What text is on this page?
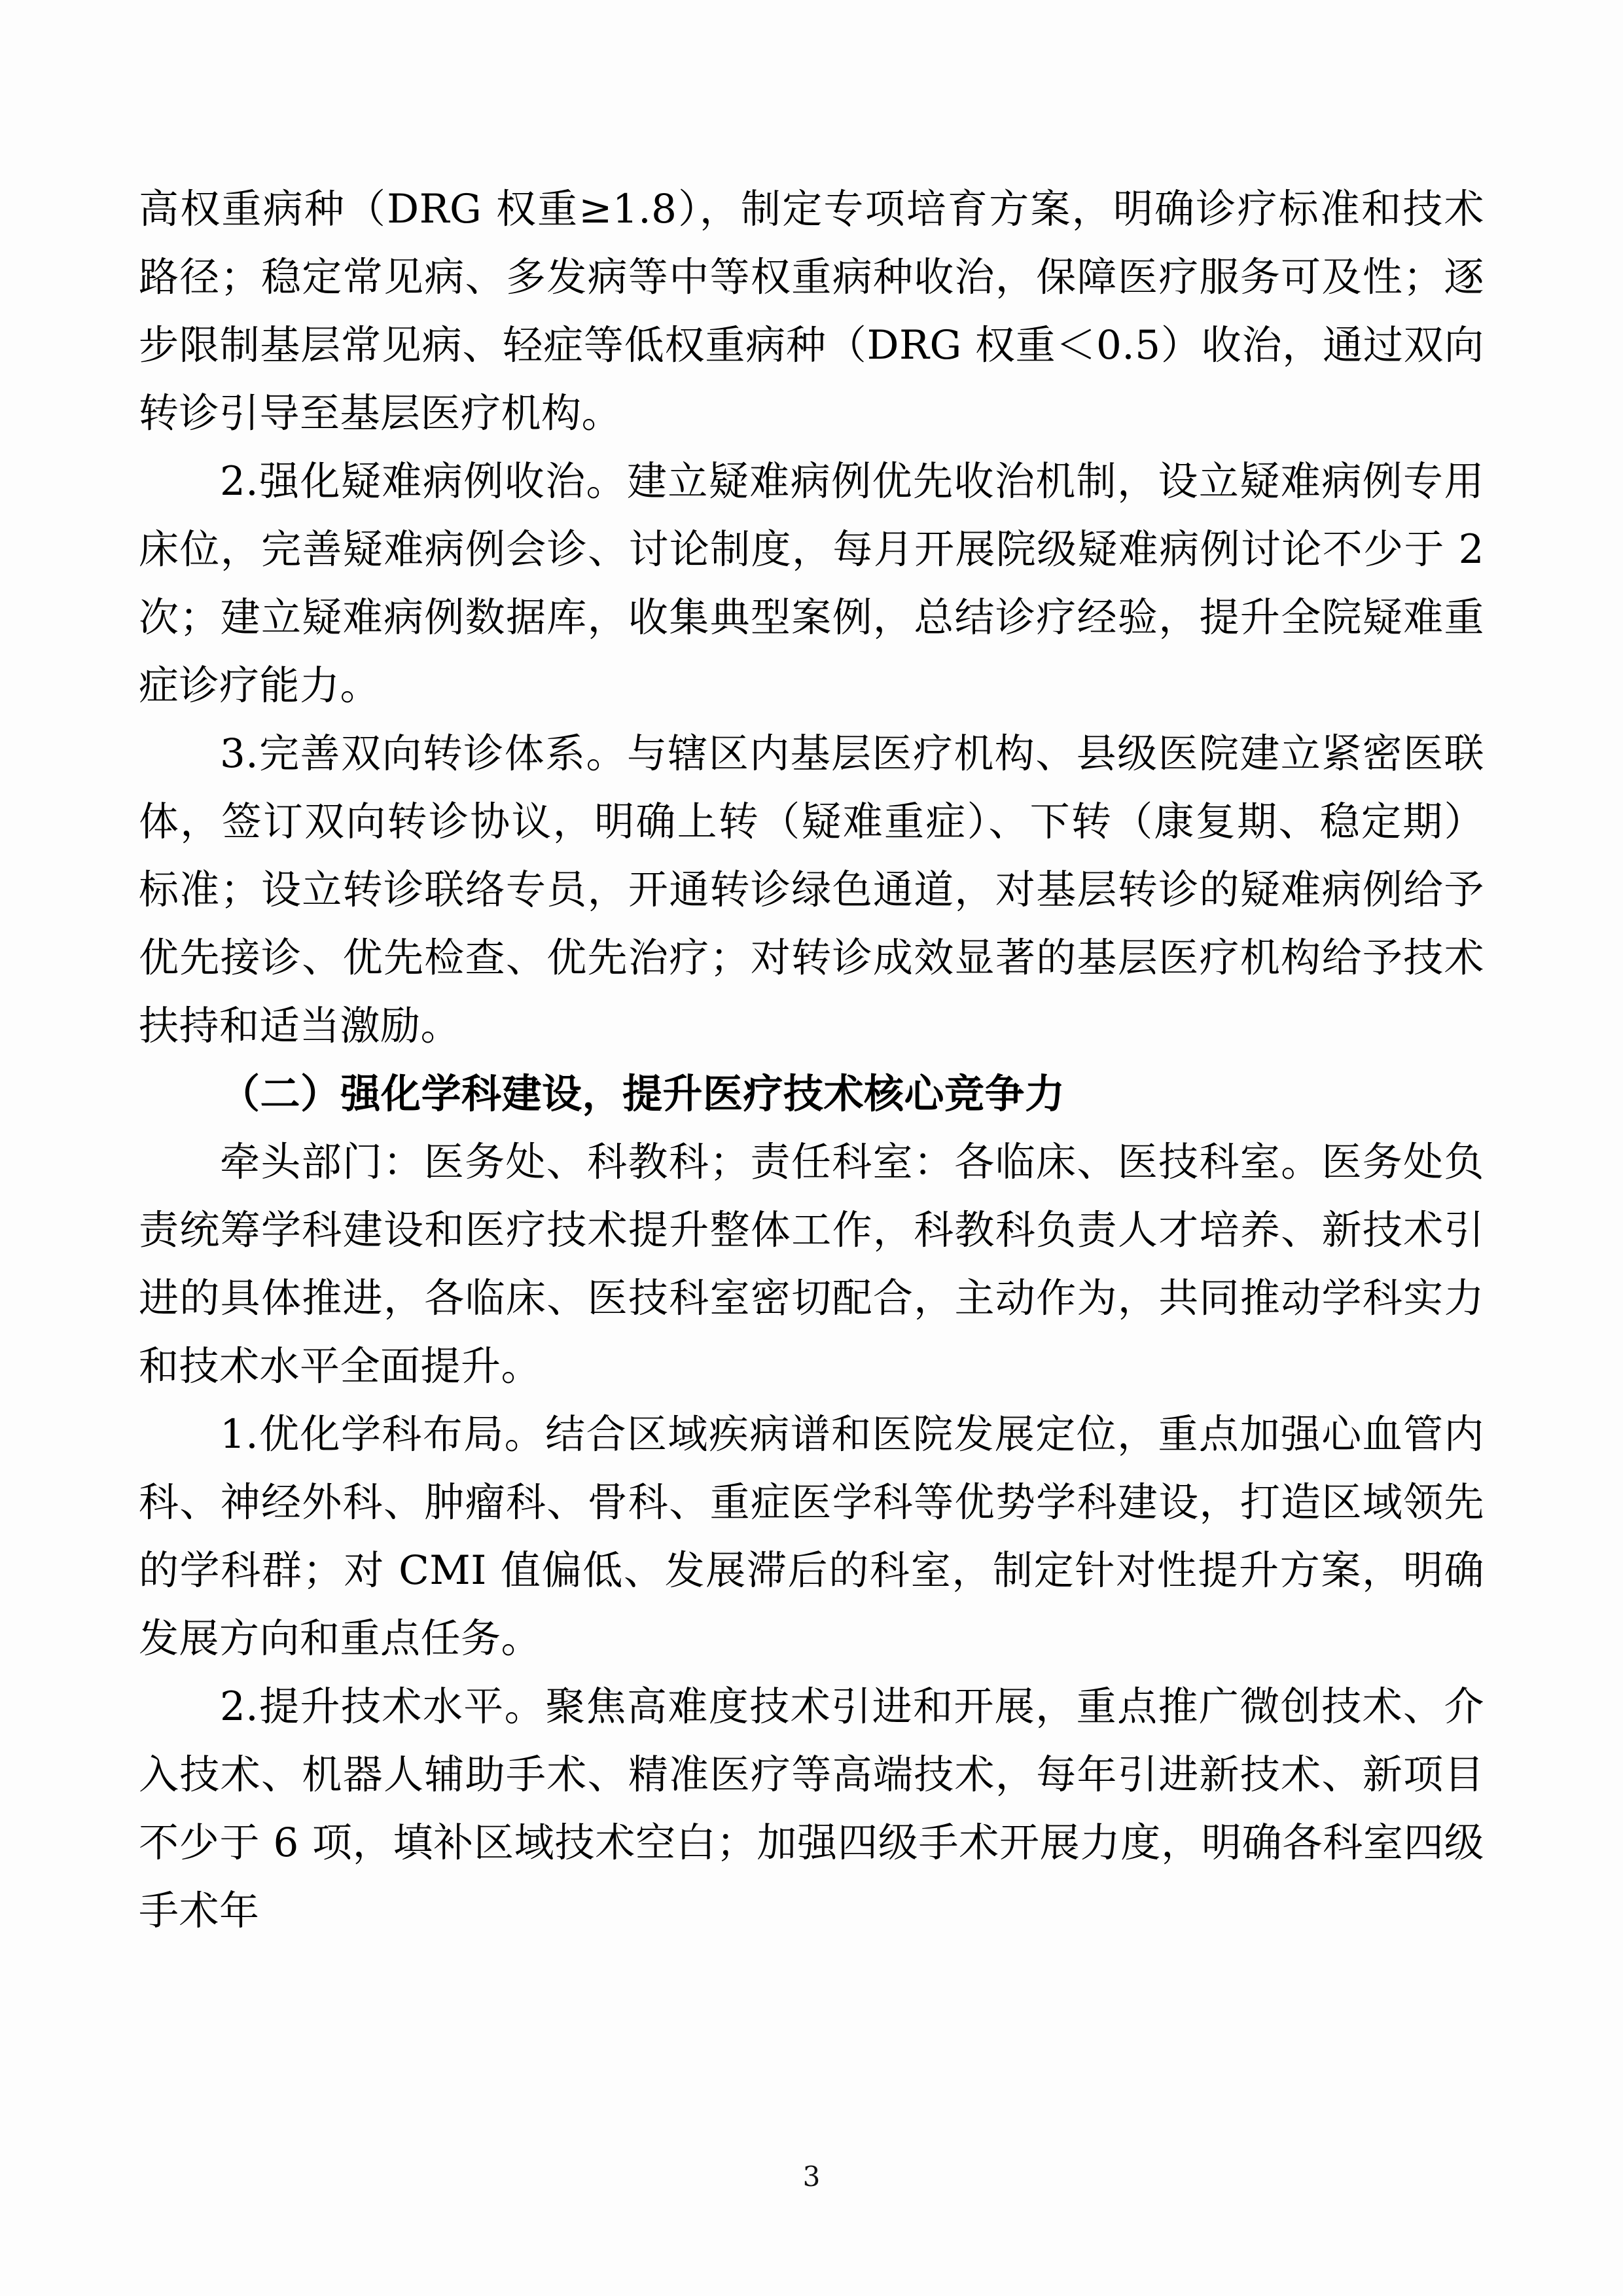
高权重病种（DRG 权重≥1.8），制定专项培育方案，明确诊疗标准和技术路径；稳定常见病、多发病等中等权重病种收治，保障医疗服务可及性；逐步限制基层常见病、轻症等低权重病种（DRG 权重＜0.5）收治，通过双向转诊引导至基层医疗机构。

2.强化疑难病例收治。建立疑难病例优先收治机制，设立疑难病例专用床位，完善疑难病例会诊、讨论制度，每月开展院级疑难病例讨论不少于 2 次；建立疑难病例数据库，收集典型案例，总结诊疗经验，提升全院疑难重症诊疗能力。

3.完善双向转诊体系。与辖区内基层医疗机构、县级医院建立紧密医联体，签订双向转诊协议，明确上转（疑难重症）、下转（康复期、稳定期）标准；设立转诊联络专员，开通转诊绿色通道，对基层转诊的疑难病例给予优先接诊、优先检查、优先治疗；对转诊成效显著的基层医疗机构给予技术扶持和适当激励。

（二）强化学科建设，提升医疗技术核心竞争力

牵头部门：医务处、科教科；责任科室：各临床、医技科室。医务处负责统筹学科建设和医疗技术提升整体工作，科教科负责人才培养、新技术引进的具体推进，各临床、医技科室密切配合，主动作为，共同推动学科实力和技术水平全面提升。

1.优化学科布局。结合区域疾病谱和医院发展定位，重点加强心血管内科、神经外科、肿瘤科、骨科、重症医学科等优势学科建设，打造区域领先的学科群；对 CMI 值偏低、发展滞后的科室，制定针对性提升方案，明确发展方向和重点任务。

2.提升技术水平。聚焦高难度技术引进和开展，重点推广微创技术、介入技术、机器人辅助手术、精准医疗等高端技术，每年引进新技术、新项目不少于 6 项，填补区域技术空白；加强四级手术开展力度，明确各科室四级手术年

3
